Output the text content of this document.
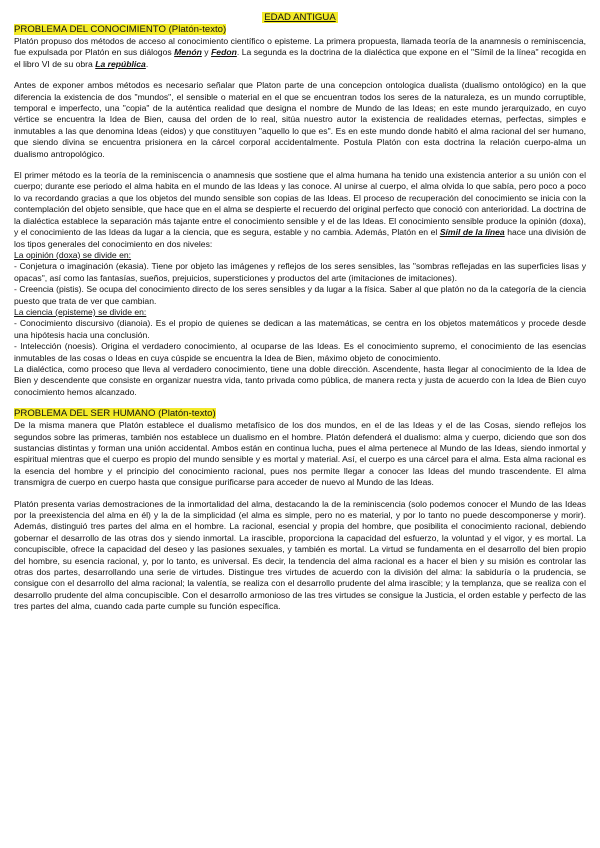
EDAD ANTIGUA

PROBLEMA DEL CONOCIMIENTO (Platón-texto)

Platón propuso dos métodos de acceso al conocimiento científico o episteme. La primera propuesta, llamada teoría de la anamnesis o reminiscencia, fue expulsada por Platón en sus diálogos Menón y Fedon. La segunda es la doctrina de la dialéctica que expone en el "Símil de la línea" recogida en el libro VI de su obra La república.

Antes de exponer ambos métodos es necesario señalar que Platon parte de una concepcion ontologica dualista (dualismo ontológico) en la que diferencia la existencia de dos "mundos", el sensible o material en el que se encuentran todos los seres de la naturaleza, es un mundo corruptible, temporal e imperfecto, una "copia" de la auténtica realidad que designa el nombre de Mundo de las Ideas; en este mundo jerarquizado, en cuyo vértice se encuentra la Idea de Bien, causa del orden de lo real, sitúa nuestro autor la existencia de realidades eternas, perfectas, simples e inmutables a las que denomina Ideas (eidos) y que constituyen "aquello lo que es". Es en este mundo donde habitó el alma racional del ser humano, que siendo divina se encuentra prisionera en la cárcel corporal accidentalmente. Postula Platón con esta doctrina la relación cuerpo-alma un dualismo antropológico.

El primer método es la teoría de la reminiscencia o anamnesis que sostiene que el alma humana ha tenido una existencia anterior a su unión con el cuerpo; durante ese periodo el alma habita en el mundo de las Ideas y las conoce. Al unirse al cuerpo, el alma olvida lo que sabía, pero poco a poco lo va recordando gracias a que los objetos del mundo sensible son copias de las Ideas. El proceso de recuperación del conocimiento se inicia con la contemplación del objeto sensible, que hace que en el alma se despierte el recuerdo del original perfecto que conoció con anterioridad. La doctrina de la dialéctica establece la separación más tajante entre el conocimiento sensible y el de las Ideas. El conocimiento sensible produce la opinión (doxa), y el conocimiento de las Ideas da lugar a la ciencia, que es segura, estable y no cambia. Además, Platón en el Símil de la línea hace una división de los tipos generales del conocimiento en dos niveles:

La opinión (doxa) se divide en:

- Conjetura o imaginación (ekasia). Tiene por objeto las imágenes y reflejos de los seres sensibles, las "sombras reflejadas en las superficies lisas y opacas", así como las fantasías, sueños, prejuicios, supersticiones y productos del arte (imitaciones de imitaciones).

- Creencia (pistis). Se ocupa del conocimiento directo de los seres sensibles y da lugar a la física. Saber al que platón no da la categoría de la ciencia puesto que trata de ver que cambian.

La ciencia (episteme) se divide en:

- Conocimiento discursivo (dianoia). Es el propio de quienes se dedican a las matemáticas, se centra en los objetos matemáticos y procede desde una hipótesis hacia una conclusión.

- Intelección (noesis). Origina el verdadero conocimiento, al ocuparse de las Ideas. Es el conocimiento supremo, el conocimiento de las esencias inmutables de las cosas o Ideas en cuya cúspide se encuentra la Idea de Bien, máximo objeto de conocimiento.

La dialéctica, como proceso que lleva al verdadero conocimiento, tiene una doble dirección. Ascendente, hasta llegar al conocimiento de la Idea de Bien y descendente que consiste en organizar nuestra vida, tanto privada como pública, de manera recta y justa de acuerdo con la Idea de Bien cuyo conocimiento hemos alcanzado.

PROBLEMA DEL SER HUMANO (Platón-texto)

De la misma manera que Platón establece el dualismo metafísico de los dos mundos, en el de las Ideas y el de las Cosas, siendo reflejos los segundos sobre las primeras, también nos establece un dualismo en el hombre. Platón defenderá el dualismo: alma y cuerpo, diciendo que son dos sustancias distintas y forman una unión accidental. Ambos están en continua lucha, pues el alma pertenece al Mundo de las Ideas, siendo inmortal y espiritual mientras que el cuerpo es propio del mundo sensible y es mortal y material. Así, el cuerpo es una cárcel para el alma. Esta alma racional es la esencia del hombre y el principio del conocimiento racional, pues nos permite llegar a conocer las Ideas del mundo trascendente. El alma transmigra de cuerpo en cuerpo hasta que consigue purificarse para acceder de nuevo al Mundo de las Ideas.

Platón presenta varias demostraciones de la inmortalidad del alma, destacando la de la reminiscencia (solo podemos conocer el Mundo de las Ideas por la preexistencia del alma en él) y la de la simplicidad (el alma es simple, pero no es material, y por lo tanto no puede descomponerse y morir). Además, distinguió tres partes del alma en el hombre. La racional, esencial y propia del hombre, que posibilita el conocimiento racional, debiendo gobernar el desarrollo de las otras dos y siendo inmortal. La irascible, proporciona la capacidad del esfuerzo, la voluntad y el vigor, y es mortal. La concupiscible, ofrece la capacidad del deseo y las pasiones sexuales, y también es mortal. La virtud se fundamenta en el desarrollo del bien propio del hombre, su esencia racional, y, por lo tanto, es universal. Es decir, la tendencia del alma racional es a hacer el bien y su misión es controlar las otras dos partes, desarrollando una serie de virtudes. Distingue tres virtudes de acuerdo con la división del alma: la sabiduría o la prudencia, se consigue con el desarrollo del alma racional; la valentía, se realiza con el desarrollo prudente del alma irascible; y la templanza, que se realiza con el desarrollo prudente del alma concupiscible. Con el desarrollo armonioso de las tres virtudes se consigue la Justicia, el orden estable y perfecto de las tres partes del alma, cuando cada parte cumple su función específica.
